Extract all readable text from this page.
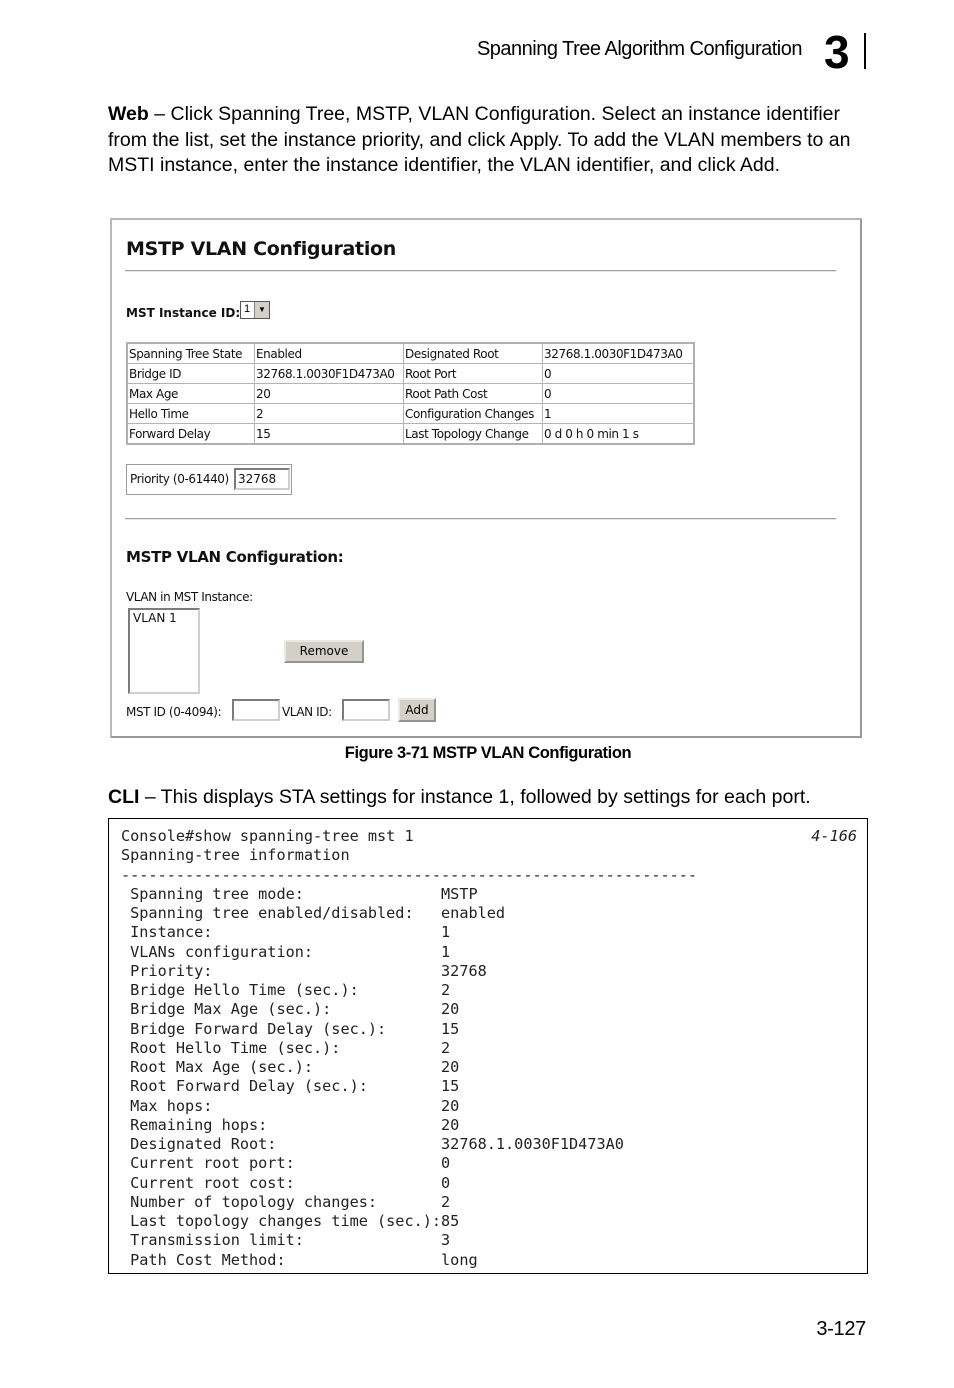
Spanning Tree Algorithm Configuration 3
Web – Click Spanning Tree, MSTP, VLAN Configuration. Select an instance identifier from the list, set the instance priority, and click Apply. To add the VLAN members to an MSTI instance, enter the instance identifier, the VLAN identifier, and click Add.
MSTP VLAN Configuration
MST Instance ID: 1 ▼
Spanning Tree State	Enabled	Designated Root	32768.1.0030F1D473A0
Bridge ID	32768.1.0030F1D473A0	Root Port	0
Max Age	20	Root Path Cost	0
Hello Time	2	Configuration Changes	1
Forward Delay	15	Last Topology Change	0 d 0 h 0 min 1 s
Priority (0-61440) 32768
MSTP VLAN Configuration:
VLAN in MST Instance:
VLAN 1
Remove
MST ID (0-4094):	VLAN ID:	Add
Figure 3-71 MSTP VLAN Configuration
CLI – This displays STA settings for instance 1, followed by settings for each port.
Console#show spanning-tree mst 1
Spanning-tree information
---------------------------------------------------------------
Spanning tree mode:               MSTP
Spanning tree enabled/disabled:   enabled
Instance:                         1
VLANs configuration:              1
Priority:                         32768
Bridge Hello Time (sec.):         2
Bridge Max Age (sec.):            20
Bridge Forward Delay (sec.):      15
Root Hello Time (sec.):           2
Root Max Age (sec.):              20
Root Forward Delay (sec.):        15
Max hops:                         20
Remaining hops:                   20
Designated Root:                  32768.1.0030F1D473A0
Current root port:                0
Current root cost:                0
Number of topology changes:       2
Last topology changes time (sec.):85
Transmission limit:               3
Path Cost Method:                 long
4-166
3-127
